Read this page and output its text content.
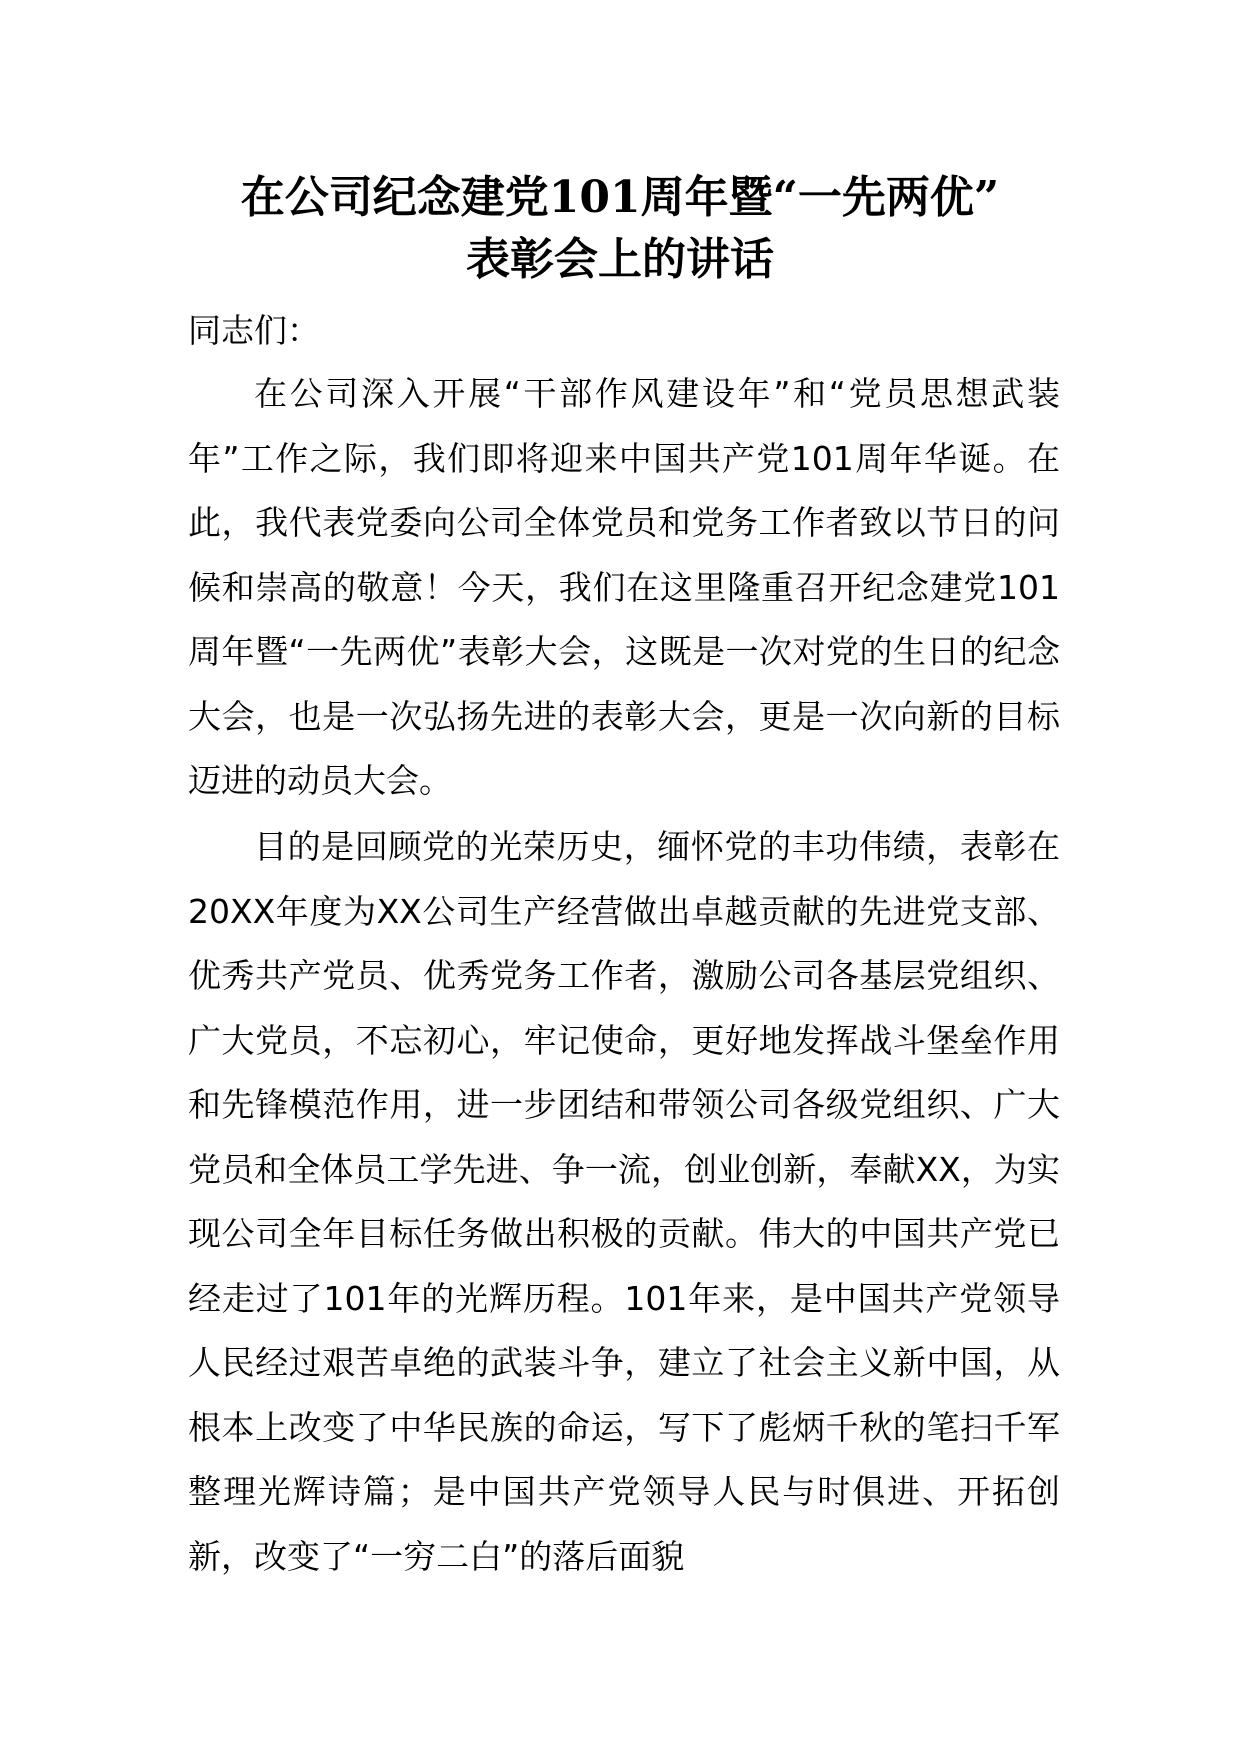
在公司纪念建党101周年暨“一先两优”
表彰会上的讲话

同志们：

在公司深入开展“干部作风建设年”和“党员思想武装年”工作之际，我们即将迎来中国共产党101周年华诞。在此，我代表党委向公司全体党员和党务工作者致以节日的问候和崇高的敬意！今天，我们在这里隆重召开纪念建党101周年暨“一先两优”表彰大会，这既是一次对党的生日的纪念大会，也是一次弘扬先进的表彰大会，更是一次向新的目标迈进的动员大会。

目的是回顾党的光荣历史，缅怀党的丰功伟绩，表彰在20XX年度为XX公司生产经营做出卓越贡献的先进党支部、优秀共产党员、优秀党务工作者，激励公司各基层党组织、广大党员，不忘初心，牢记使命，更好地发挥战斗堡垒作用和先锋模范作用，进一步团结和带领公司各级党组织、广大党员和全体员工学先进、争一流，创业创新，奉献XX，为实现公司全年目标任务做出积极的贡献。伟大的中国共产党已经走过了101年的光辉历程。101年来，是中国共产党领导人民经过艰苦卓绝的武装斗争，建立了社会主义新中国，从根本上改变了中华民族的命运，写下了彪炳千秋的笔扫千军整理光辉诗篇；是中国共产党领导人民与时俱进、开拓创新，改变了“一穷二白”的落后面貌
